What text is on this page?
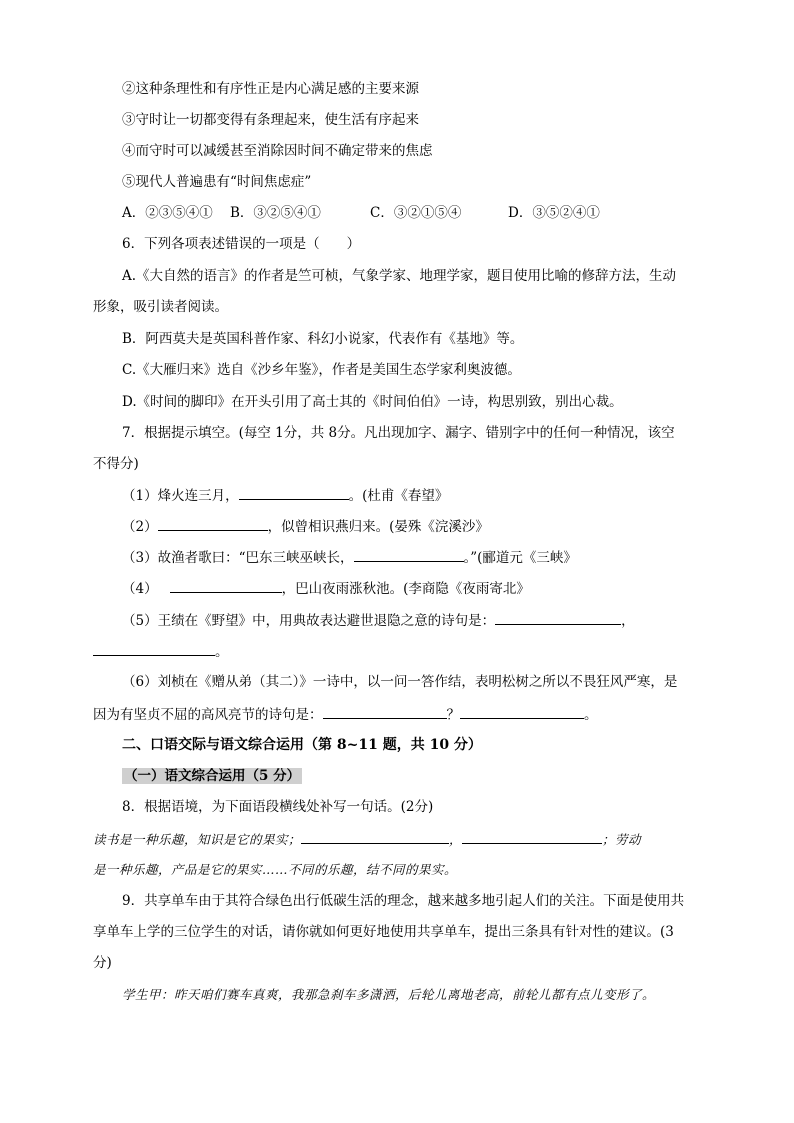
②这种条理性和有序性正是内心满足感的主要来源
③守时让一切都变得有条理起来，使生活有序起来
④而守时可以减缓甚至消除因时间不确定带来的焦虑
⑤现代人普遍患有“时间焦虑症”
A．②③⑤④① B．③②⑤④①	C．③②①⑤④	D．③⑤②④①
6．下列各项表述错误的一项是（　　）
A.《大自然的语言》的作者是竺可桢，气象学家、地理学家，题目使用比喻的修辞方法，生动
形象，吸引读者阅读。
B．阿西莫夫是英国科普作家、科幻小说家，代表作有《基地》等。
C.《大雁归来》选自《沙乡年鉴》，作者是美国生态学家利奥波德。
D.《时间的脚印》在开头引用了高士其的《时间伯伯》一诗，构思别致，别出心裁。
7．根据提示填空。(每空 1分，共 8分。凡出现加字、漏字、错别字中的任何一种情况，该空
不得分)
（1）烽火连三月，	。(杜甫《春望》
（2）	，似曾相识燕归来。(晏殊《浣溪沙》
（3）故渔者歌曰：“巴东三峡巫峡长，	。”(郦道元《三峡》
（4）	，巴山夜雨涨秋池。(李商隐《夜雨寄北》
（5）王绩在《野望》中，用典故表达避世退隐之意的诗句是：	，
。
（6）刘桢在《赠从弟（其二）》一诗中，以一问一答作结，表明松树之所以不畏狂风严寒，是
因为有坚贞不屈的高风亮节的诗句是：	？	。
二、口语交际与语文综合运用（第 8~11 题，共 10 分）
（一）语文综合运用（5 分）
8．根据语境，为下面语段横线处补写一句话。(2分)
读书是一种乐趣，知识是它的果实；	，	；劳动
是一种乐趣，产品是它的果实……不同的乐趣，结不同的果实。
9．共享单车由于其符合绿色出行低碳生活的理念，越来越多地引起人们的关注。下面是使用共
享单车上学的三位学生的对话，请你就如何更好地使用共享单车，提出三条具有针对性的建议。(3
分)
学生甲：昨天咱们赛车真爽，我那急刹车多潇洒，后轮儿离地老高，前轮儿都有点儿变形了。
